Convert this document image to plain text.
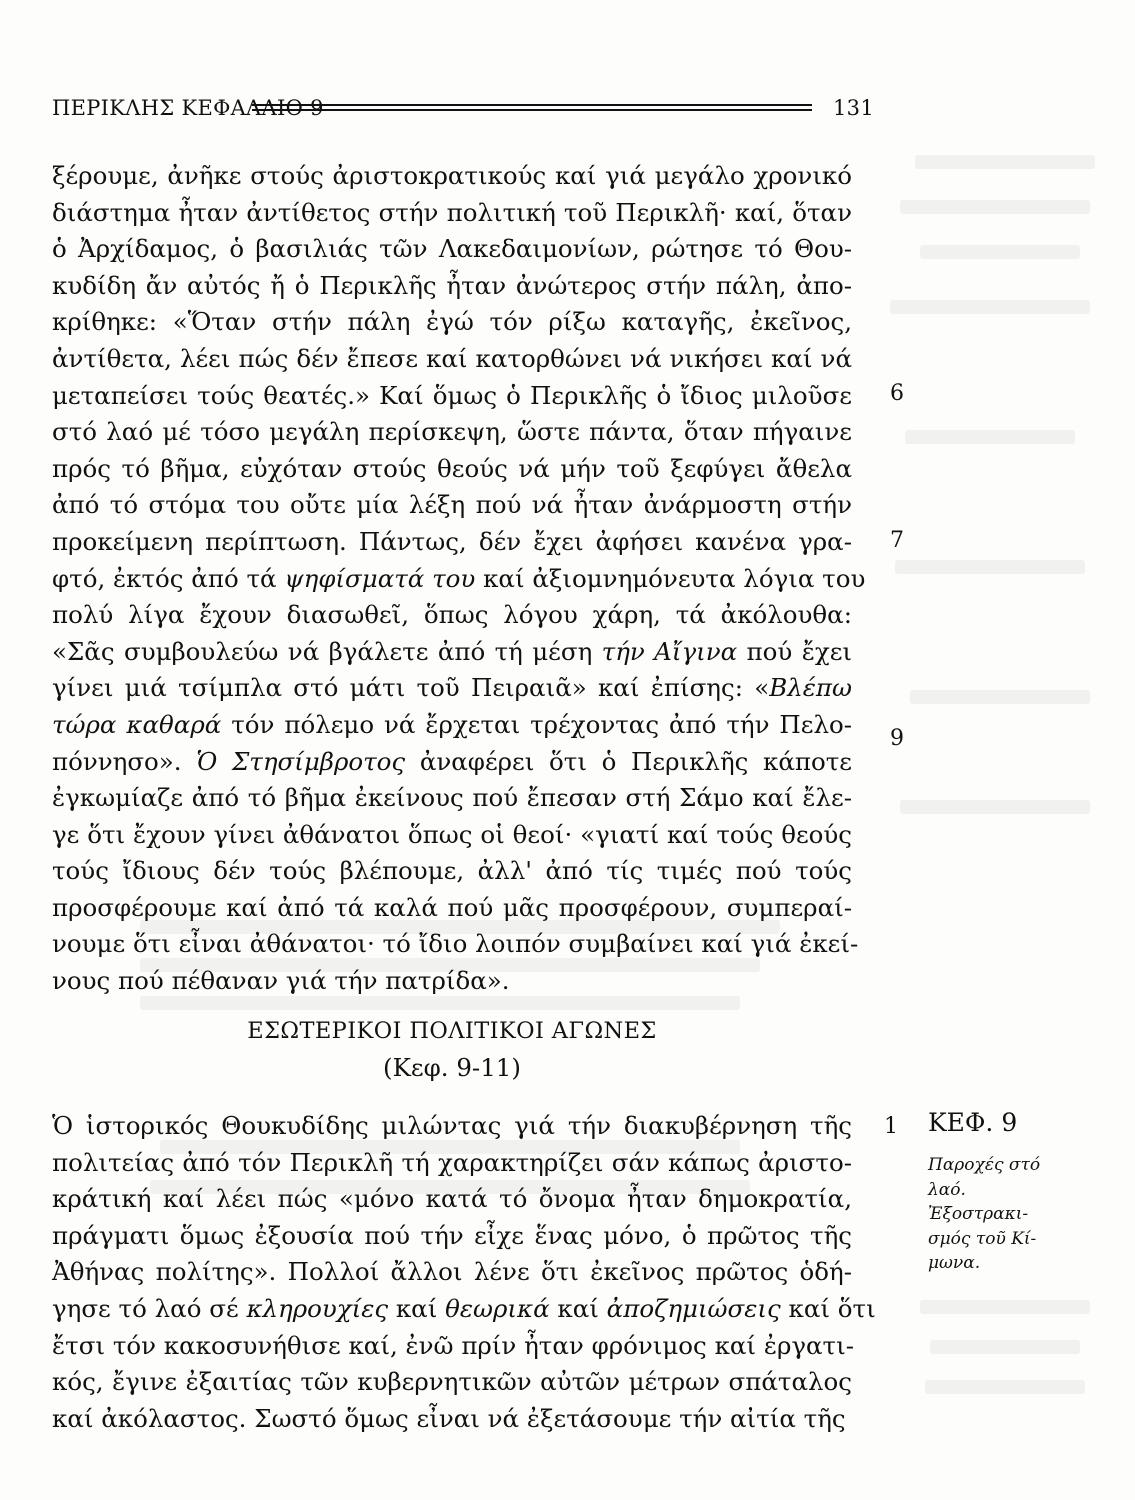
ΠΕΡΙΚΛΗΣ ΚΕΦΑΛΑΙΟ 9	131
ξέρουμε, ἀνῆκε στούς ἀριστοκρατικούς καί γιά μεγάλο χρονικό
διάστημα ἦταν ἀντίθετος στήν πολιτική τοῦ Περικλῆ· καί, ὅταν
ὁ Ἀρχίδαμος, ὁ βασιλιάς τῶν Λακεδαιμονίων, ρώτησε τό Θου-
κυδίδη ἄν αὐτός ἤ ὁ Περικλῆς ἦταν ἀνώτερος στήν πάλη, ἀπο-
κρίθηκε: «Ὅταν στήν πάλη ἐγώ τόν ρίξω καταγῆς, ἐκεῖνος,
ἀντίθετα, λέει πώς δέν ἔπεσε καί κατορθώνει νά νικήσει καί νά
μεταπείσει τούς θεατές.» Καί ὅμως ὁ Περικλῆς ὁ ἴδιος μιλοῦσε
στό λαό μέ τόσο μεγάλη περίσκεψη, ὥστε πάντα, ὅταν πήγαινε
πρός τό βῆμα, εὐχόταν στούς θεούς νά μήν τοῦ ξεφύγει ἄθελα
ἀπό τό στόμα του οὔτε μία λέξη πού νά ἦταν ἀνάρμοστη στήν
προκείμενη περίπτωση. Πάντως, δέν ἔχει ἀφήσει κανένα γρα-
φτό, ἐκτός ἀπό τά ψηφίσματά του καί ἀξιομνημόνευτα λόγια του
πολύ λίγα ἔχουν διασωθεῖ, ὅπως λόγου χάρη, τά ἀκόλουθα:
«Σᾶς συμβουλεύω νά βγάλετε ἀπό τή μέση τήν Αἴγινα πού ἔχει
γίνει μιά τσίμπλα στό μάτι τοῦ Πειραιᾶ» καί ἐπίσης: «Βλέπω
τώρα καθαρά τόν πόλεμο νά ἔρχεται τρέχοντας ἀπό τήν Πελο-
πόννησο». Ὁ Στησίμβροτος ἀναφέρει ὅτι ὁ Περικλῆς κάποτε
ἐγκωμίαζε ἀπό τό βῆμα ἐκείνους πού ἔπεσαν στή Σάμο καί ἔλε-
γε ὅτι ἔχουν γίνει ἀθάνατοι ὅπως οἱ θεοί· «γιατί καί τούς θεούς
τούς ἴδιους δέν τούς βλέπουμε, ἀλλ' ἀπό τίς τιμές πού τούς
προσφέρουμε καί ἀπό τά καλά πού μᾶς προσφέρουν, συμπεραί-
νουμε ὅτι εἶναι ἀθάνατοι· τό ἴδιο λοιπόν συμβαίνει καί γιά ἐκεί-
νους πού πέθαναν γιά τήν πατρίδα».
6
7
9
ΕΣΩΤΕΡΙΚΟΙ ΠΟΛΙΤΙΚΟΙ ΑΓΩΝΕΣ
(Κεφ. 9-11)
Ὁ ἱστορικός Θουκυδίδης μιλώντας γιά τήν διακυβέρνηση τῆς
πολιτείας ἀπό τόν Περικλῆ τή χαρακτηρίζει σάν κάπως ἀριστο-
κράτική καί λέει πώς «μόνο κατά τό ὄνομα ἦταν δημοκρατία,
πράγματι ὅμως ἐξουσία πού τήν εἶχε ἕνας μόνο, ὁ πρῶτος τῆς
Ἀθήνας πολίτης». Πολλοί ἄλλοι λένε ὅτι ἐκεῖνος πρῶτος ὁδή-
γησε τό λαό σέ κληρουχίες καί θεωρικά καί ἀποζημιώσεις καί ὅτι
ἔτσι τόν κακοσυνήθισε καί, ἐνῶ πρίν ἦταν φρόνιμος καί ἐργατι-
κός, ἔγινε ἐξαιτίας τῶν κυβερνητικῶν αὐτῶν μέτρων σπάταλος
καί ἀκόλαστος. Σωστό ὅμως εἶναι νά ἐξετάσουμε τήν αἰτία τῆς
1	ΚΕΦ. 9
Παροχές στό
λαό.
Ἐξοστρακι-
σμός τοῦ Κί-
μωνα.
